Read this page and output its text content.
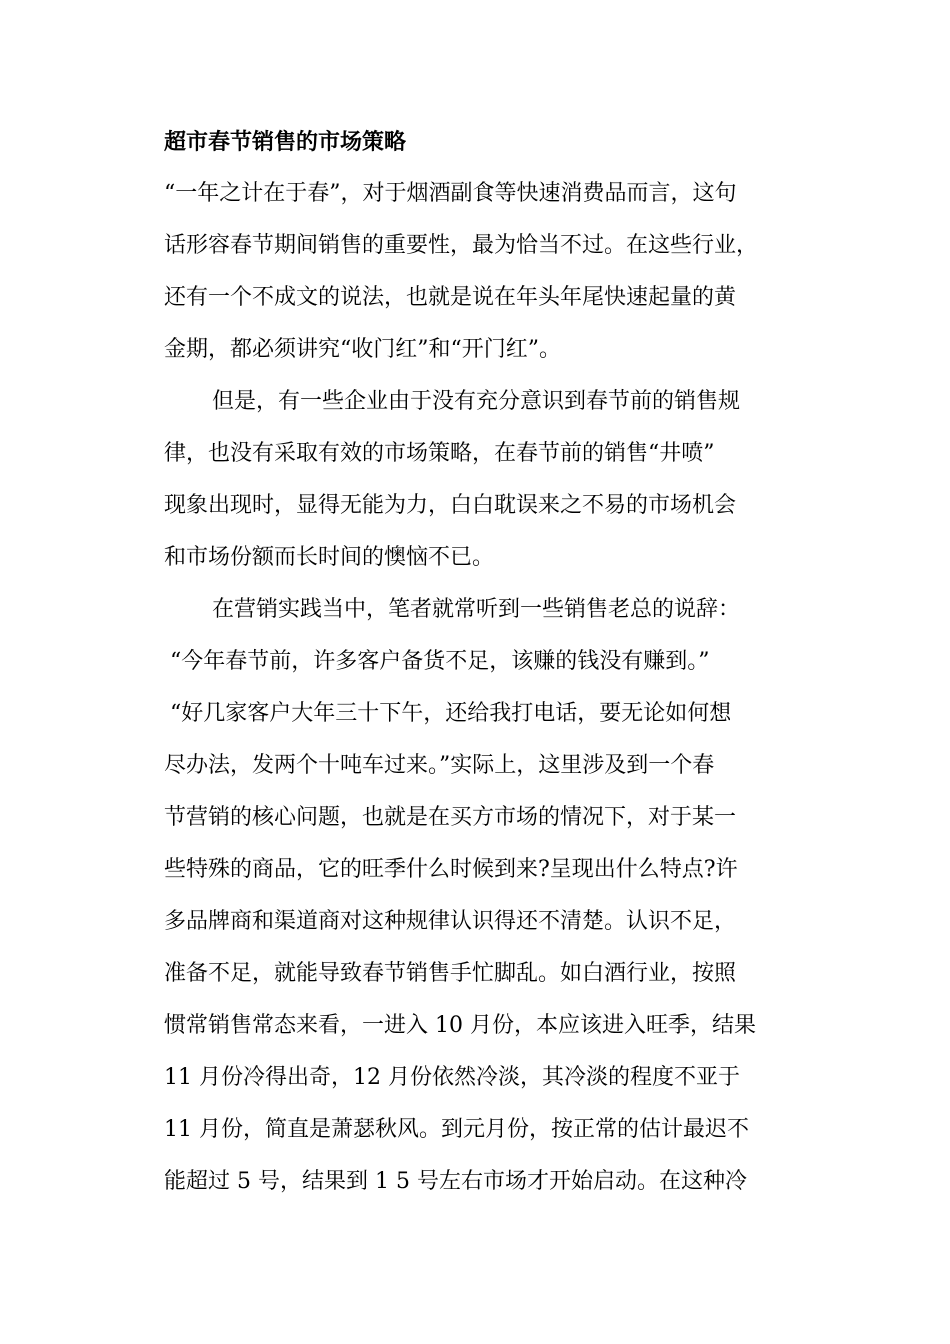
超市春节销售的市场策略
“一年之计在于春”，对于烟酒副食等快速消费品而言，这句
话形容春节期间销售的重要性，最为恰当不过。在这些行业，
还有一个不成文的说法，也就是说在年头年尾快速起量的黄
金期，都必须讲究“收门红”和“开门红”。
但是，有一些企业由于没有充分意识到春节前的销售规
律，也没有采取有效的市场策略，在春节前的销售“井喷”
现象出现时，显得无能为力，白白耽误来之不易的市场机会
和市场份额而长时间的懊恼不已。
在营销实践当中，笔者就常听到一些销售老总的说辞：
“今年春节前，许多客户备货不足，该赚的钱没有赚到。”
“好几家客户大年三十下午，还给我打电话，要无论如何想
尽办法，发两个十吨车过来。”实际上，这里涉及到一个春
节营销的核心问题，也就是在买方市场的情况下，对于某一
些特殊的商品，它的旺季什么时候到来?呈现出什么特点?许
多品牌商和渠道商对这种规律认识得还不清楚。认识不足，
准备不足，就能导致春节销售手忙脚乱。如白酒行业，按照
惯常销售常态来看，一进入 10 月份，本应该进入旺季，结果
11 月份冷得出奇，12 月份依然冷淡，其冷淡的程度不亚于
11 月份，简直是萧瑟秋风。到元月份，按正常的估计最迟不
能超过 5 号，结果到 1 5 号左右市场才开始启动。在这种冷
